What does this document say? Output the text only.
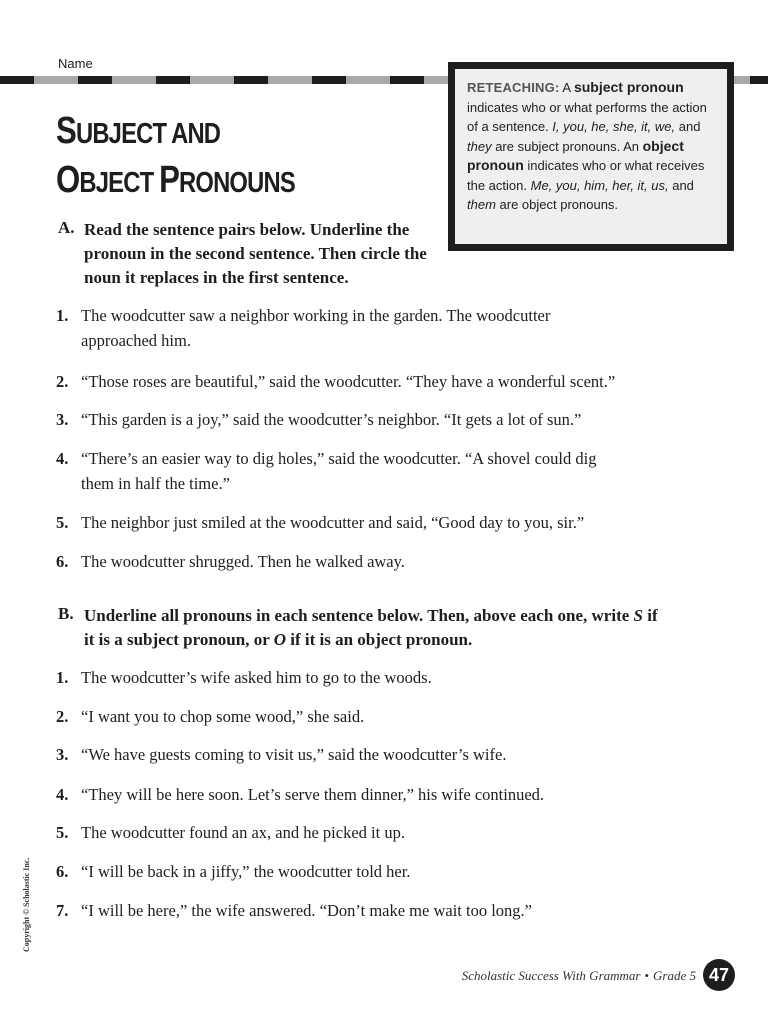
Name
SUBJECT AND
OBJECT PRONOUNS
RETEACHING: A subject pronoun indicates who or what performs the action of a sentence. I, you, he, she, it, we, and they are subject pronouns. An object pronoun indicates who or what receives the action. Me, you, him, her, it, us, and them are object pronouns.
A. Read the sentence pairs below. Underline the pronoun in the second sentence. Then circle the noun it replaces in the first sentence.
1. The woodcutter saw a neighbor working in the garden. The woodcutter approached him.
2. “Those roses are beautiful,” said the woodcutter. “They have a wonderful scent.”
3. “This garden is a joy,” said the woodcutter’s neighbor. “It gets a lot of sun.”
4. “There’s an easier way to dig holes,” said the woodcutter. “A shovel could dig them in half the time.”
5. The neighbor just smiled at the woodcutter and said, “Good day to you, sir.”
6. The woodcutter shrugged. Then he walked away.
B. Underline all pronouns in each sentence below. Then, above each one, write S if it is a subject pronoun, or O if it is an object pronoun.
1. The woodcutter’s wife asked him to go to the woods.
2. “I want you to chop some wood,” she said.
3. “We have guests coming to visit us,” said the woodcutter’s wife.
4. “They will be here soon. Let’s serve them dinner,” his wife continued.
5. The woodcutter found an ax, and he picked it up.
6. “I will be back in a jiffy,” the woodcutter told her.
7. “I will be here,” the wife answered. “Don’t make me wait too long.”
Copyright © Scholastic Inc.
Scholastic Success With Grammar • Grade 5 47
